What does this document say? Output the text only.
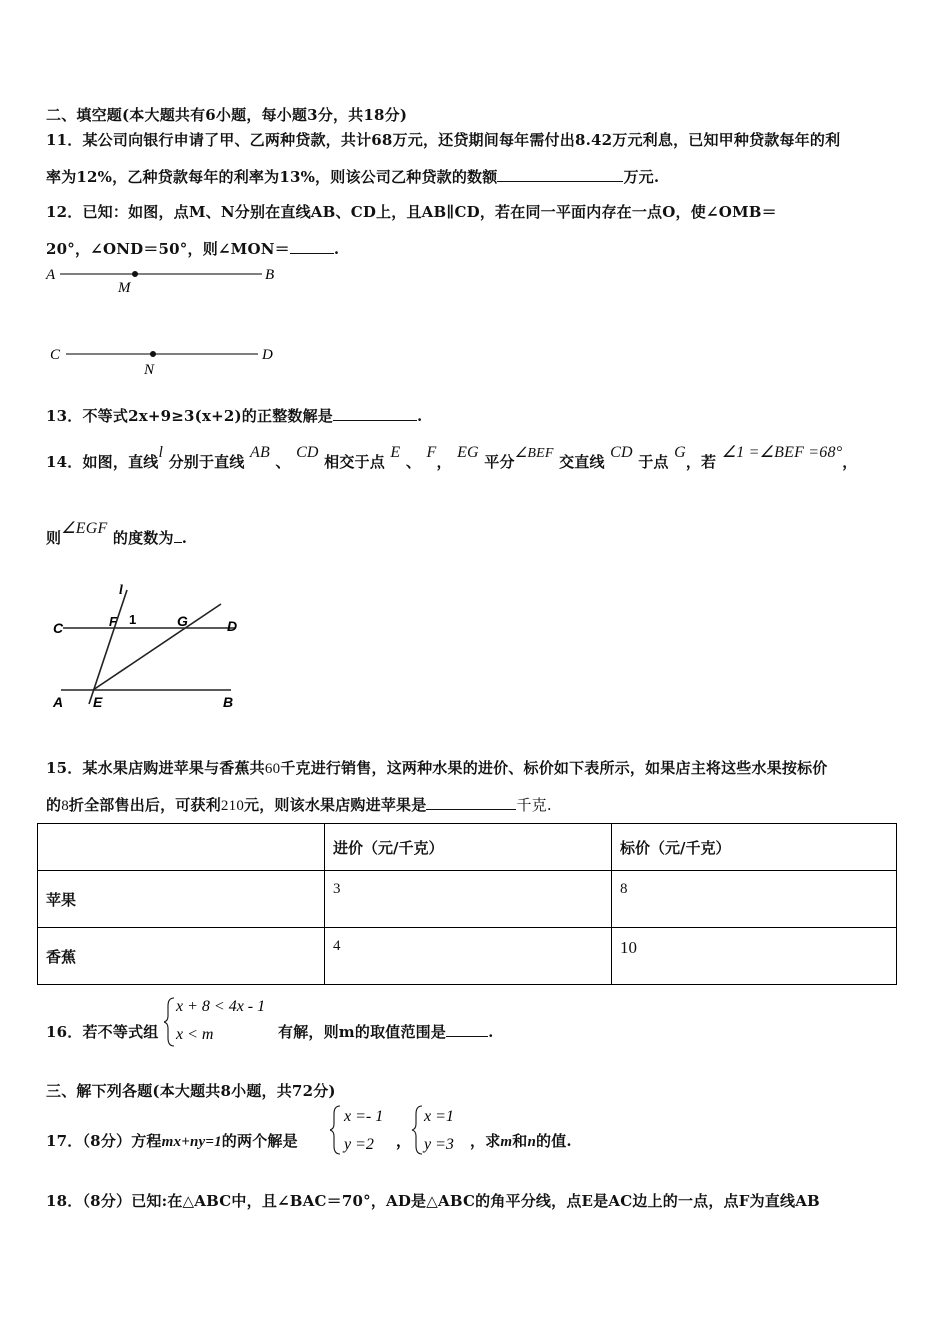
二、填空题(本大题共有6小题，每小题3分，共18分)
11．某公司向银行申请了甲、乙两种贷款，共计68万元，还贷期间每年需付出8.42万元利息，已知甲种贷款每年的利
率为12%，乙种贷款每年的利率为13%，则该公司乙种贷款的数额	万元.
12．已知：如图，点M、N分别在直线AB、CD上，且AB∥CD，若在同一平面内存在一点O，使∠OMB＝
20°，∠OND＝50°，则∠MON＝	.
A
M
B
C
N
D
13．不等式2x+9≥3(x+2)的正整数解是	.
14．如图，直线l 分别于直线 AB 、 CD 相交于点 E 、 F， EG 平分∠BEF 交直线 CD 于点 G，若 ∠1 =∠BEF =68°，
则∠EGF 的度数为 .
l
C	F 1	G	D
A E	B
15．某水果店购进苹果与香蕉共60千克进行销售，这两种水果的进价、标价如下表所示，如果店主将这些水果按标价
的8折全部售出后，可获利210元，则该水果店购进苹果是	千克.
	进价（元/千克）	标价（元/千克）
苹果	3	8
香蕉	4	10
16．若不等式组
x + 8 < 4x - 1
x < m	有解，则m的取值范围是	.
三、解下列各题(本大题共8小题，共72分)
17．（8分）方程mx+ny=1的两个解是
x =- 1
y =2 ，
x =1
y =3 ，求m和n的值.
18．（8分）已知:在△ABC中，且∠BAC＝70°，AD是△ABC的角平分线，点E是AC边上的一点，点F为直线AB
